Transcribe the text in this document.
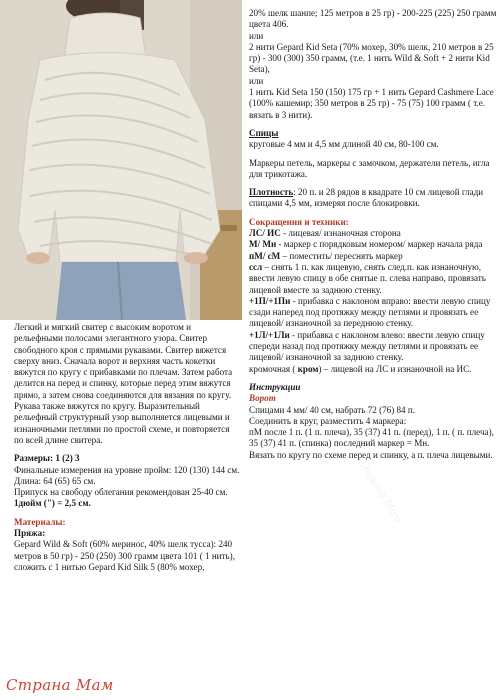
Легкий и мягкий свитер с высоким воротом и рельефными полосами элегантного узора. Свитер свободного кроя с прямыми рукавами. Свитер вяжется сверху вниз. Сначала ворот и верхняя часть кокетки вяжутся по кругу с прибавками по плечам. Затем работа делится на перед и спинку, которые перед этим вяжутся прямо, а затем снова соединяются для вязания по кругу. Рукава также вяжутся по кругу. Выразительный рельефный структурный узор выполняется лицевыми и изнаночными петлями по простой схеме, и повторяется по всей длине свитера.

Размеры: 1 (2) 3

Финальные измерения на уровне пройм: 120 (130) 144 см.

Длина: 64 (65) 65 см.

Припуск на свободу облегания рекомендован 25-40 см.

1дюйм (") = 2,5 см.

Материалы:

Пряжа:

Gepard Wild & Soft (60% мериноc, 40% шелк туссa): 240 метров в 50 гр) - 250 (250) 300 грамм цвета 101 ( 1 нить),

сложить с 1 нитью Gepard Kid Silk 5 (80% мохер,

20% шелк шанпе; 125 метров в 25 гр) - 200-225 (225) 250 грамм цвета 406.

или

2 нити Gepard Kid Seta (70% мохер, 30% шелк, 210 метров в 25 гр) - 300 (300) 350 грамм, (т.е. 1 нить Wild & Soft + 2 нити Kid Seta),

или

1 нить Kid Seta 150 (150) 175 гр + 1 нить Gepard Cashmere Lace (100% кашемир; 350 метров в 25 гр) - 75 (75) 100 грамм ( т.е. вязать в 3 нити).

Спицы

круговые 4 мм и 4,5 мм длиной 40 см, 80-100 см.

Маркеры петель, маркеры с замочком, держатели петель, игла для трикотажа.

Плотность: 20 п. и 28 рядов в квадрате 10 см лицевой глади спицами 4,5 мм, измеряя после блокировки.

Сокращения и техники:

ЛС/ ИС - лицевая/ изнаночная сторона

М/ Мн - маркер с порядковым номером/ маркер начала ряда

пМ/ сМ – поместить/ переснять маркер

ссл – снять 1 п. как лицевую, снять след.п. как изнаночную, ввести левую спицу в обе снятые п. слева направо, провязать лицевой вместе за заднюю стенку.

+1П/+1Пи - прибавка с наклоном вправо: ввести левую спицу сзади наперед под протяжку между петлями и провязать ее лицевой/ изнаночной за переднюю стенку.

+1Л/+1Ли - прибавка с наклоном влево: ввести левую спицу спереди назад под протяжку между петлями и провязать ее лицевой/ изнаночной за заднюю стенку.

кромочная ( кром) – лицевой на ЛС и изнаночной на ИС.

Инструкции

Ворот

Спицами 4 мм/ 40 см, набрать 72 (76) 84 п.

Соединить в круг, разместить 4 маркера:

пМ после 1 п. (1 п. плеча), 35 (37) 41 п. (перед), 1 п. ( п. плеча), 35 (37) 41 п. (спинка) последний маркер = Мн.

Вязать по кругу по схеме перед и спинку, а п. плеча лицевыми.

Страна Мам
Страна Мам
